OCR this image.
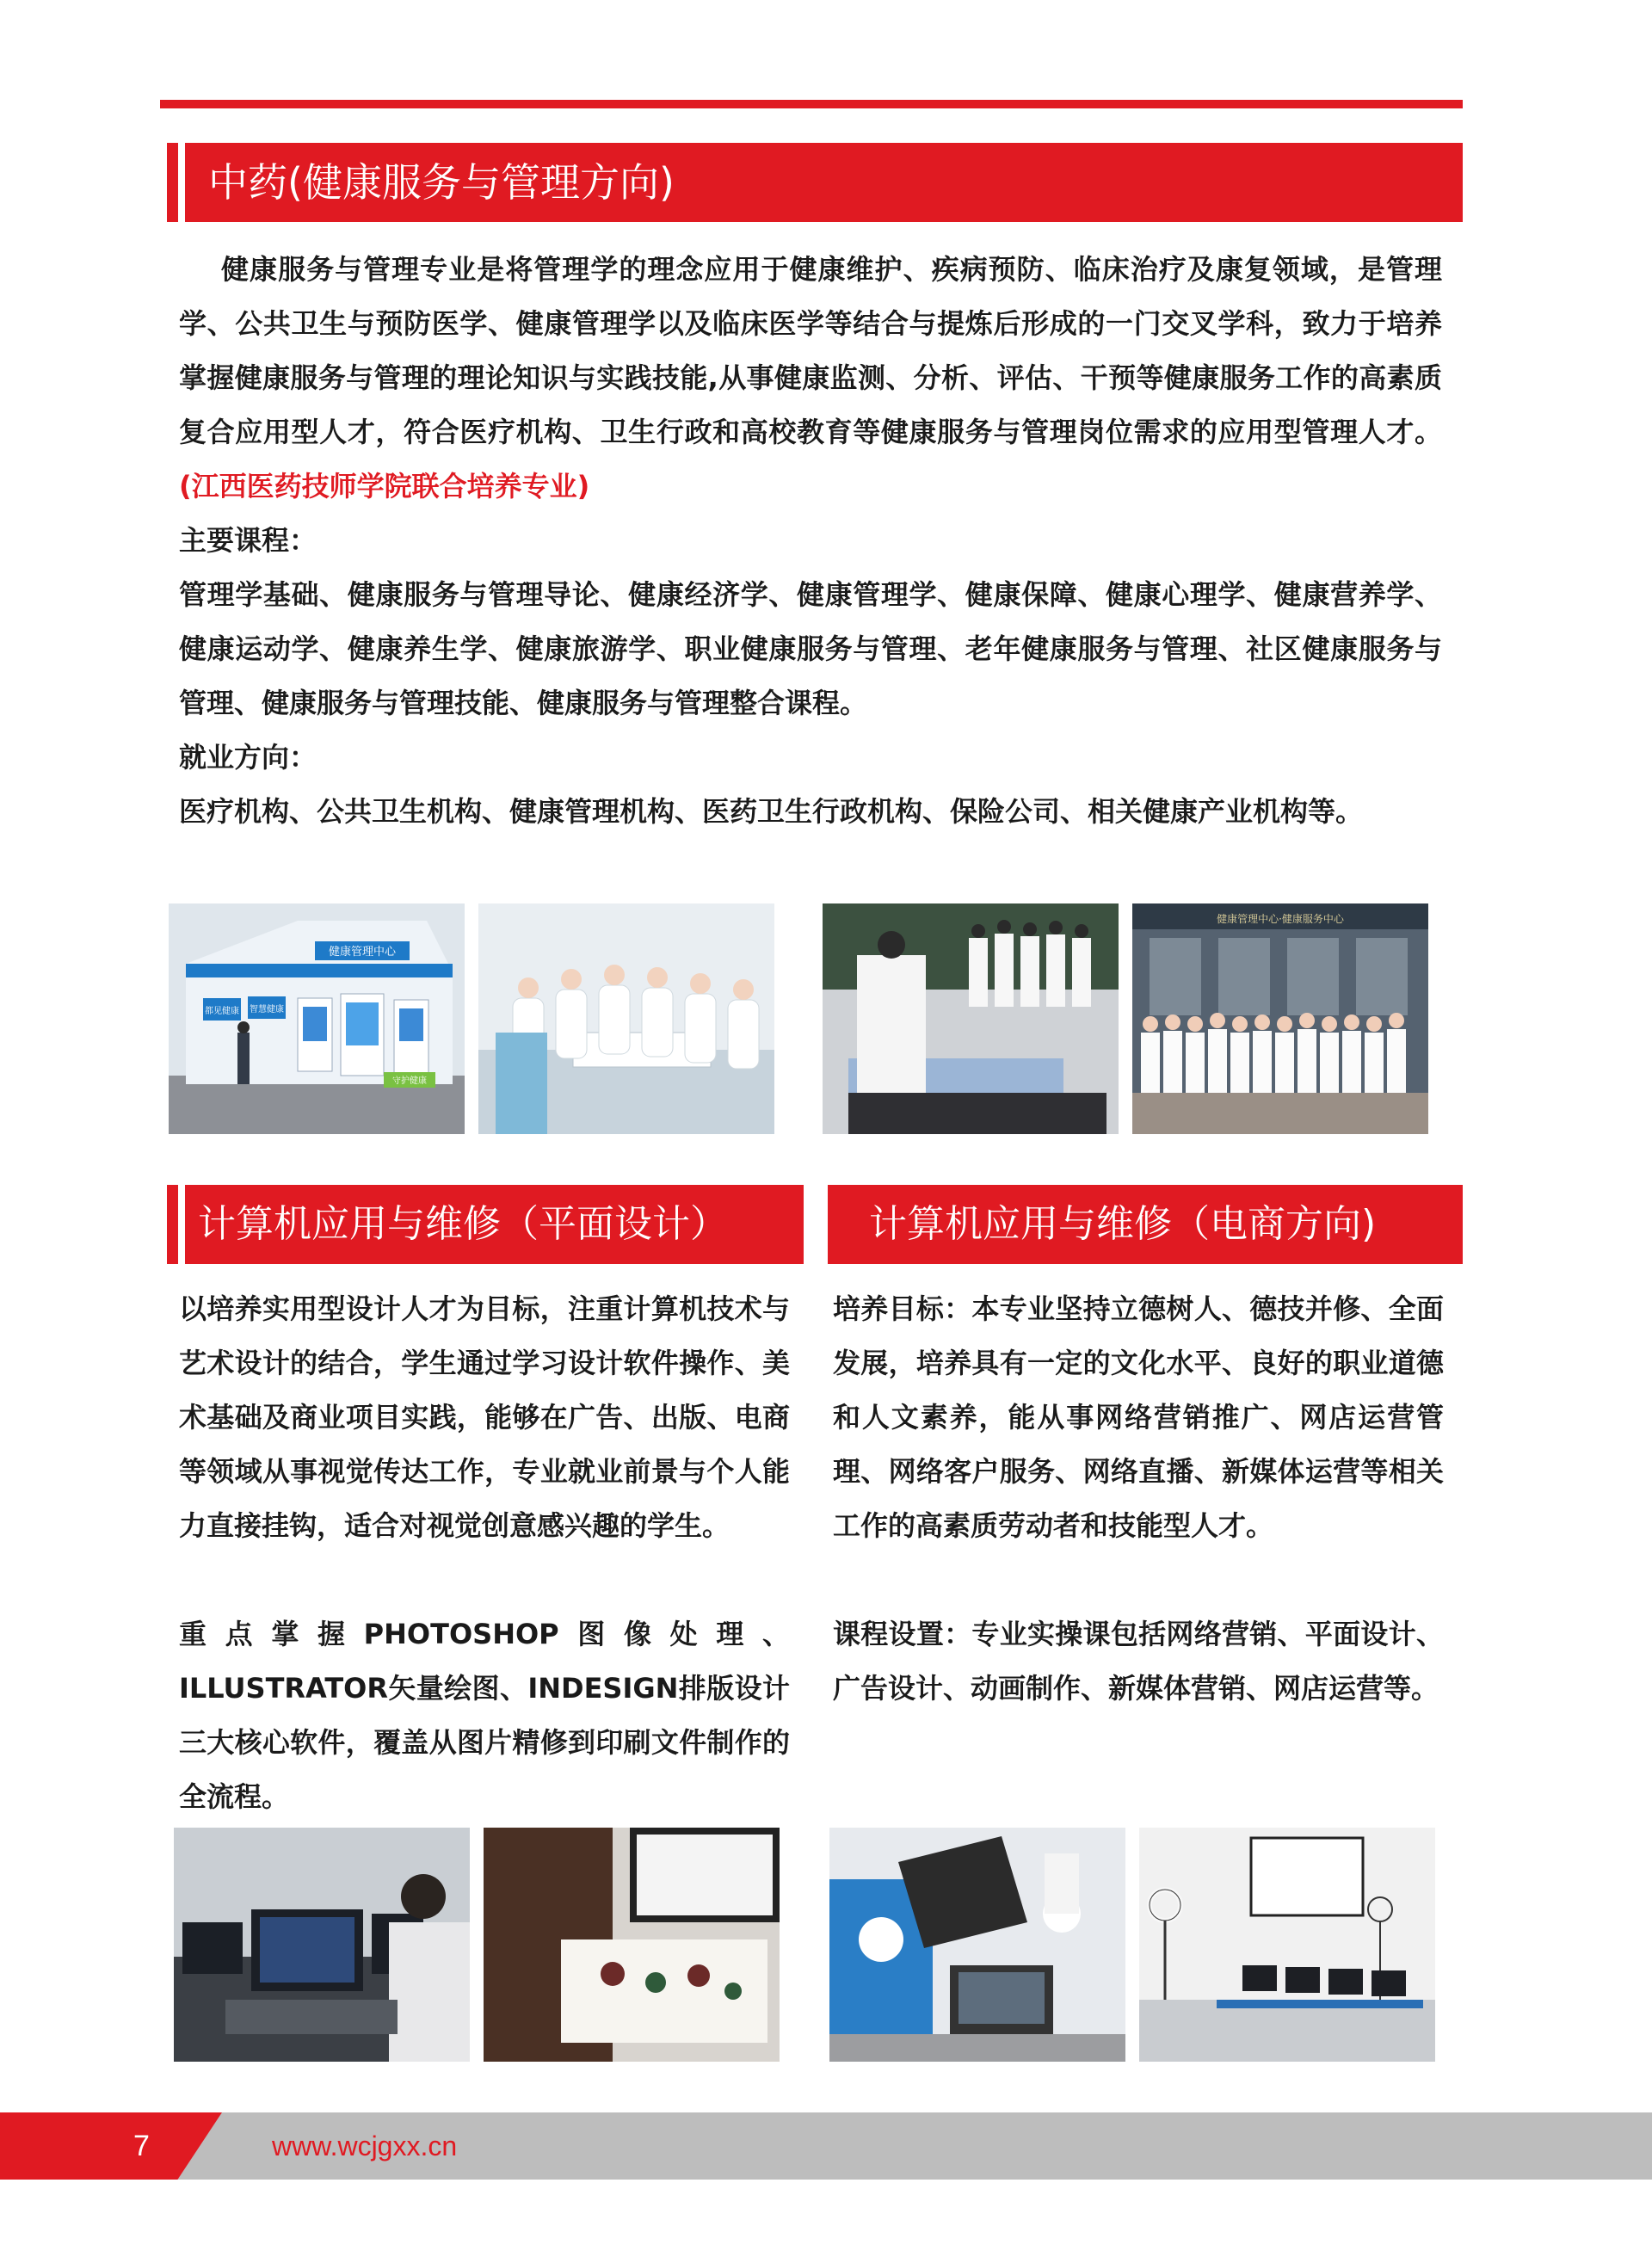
中药(健康服务与管理方向)

健康服务与管理专业是将管理学的理念应用于健康维护、疾病预防、临床治疗及康复领域，是管理学、公共卫生与预防医学、健康管理学以及临床医学等结合与提炼后形成的一门交叉学科，致力于培养掌握健康服务与管理的理论知识与实践技能,从事健康监测、分析、评估、干预等健康服务工作的高素质复合应用型人才，符合医疗机构、卫生行政和高校教育等健康服务与管理岗位需求的应用型管理人才。(江西医药技师学院联合培养专业)

主要课程：

管理学基础、健康服务与管理导论、健康经济学、健康管理学、健康保障、健康心理学、健康营养学、健康运动学、健康养生学、健康旅游学、职业健康服务与管理、老年健康服务与管理、社区健康服务与管理、健康服务与管理技能、健康服务与管理整合课程。

就业方向：

医疗机构、公共卫生机构、健康管理机构、医药卫生行政机构、保险公司、相关健康产业机构等。

健康管理中心
都见健康 智慧健康
守护健康
健康管理中心·健康服务中心
计算机应用与维修（平面设计）	计算机应用与维修（电商方向)

以培养实用型设计人才为目标，注重计算机技术与艺术设计的结合，学生通过学习设计软件操作、美术基础及商业项目实践，能够在广告、出版、电商等领域从事视觉传达工作，专业就业前景与个人能力直接挂钩，适合对视觉创意感兴趣的学生。

重点掌握PHOTOSHOP图像处理、ILLUSTRATOR矢量绘图、INDESIGN排版设计三大核心软件，覆盖从图片精修到印刷文件制作的全流程。

培养目标：本专业坚持立德树人、德技并修、全面发展，培养具有一定的文化水平、良好的职业道德和人文素养，能从事网络营销推广、网店运营管理、网络客户服务、网络直播、新媒体运营等相关工作的高素质劳动者和技能型人才。

课程设置：专业实操课包括网络营销、平面设计、广告设计、动画制作、新媒体营销、网店运营等。

7	www.wcjgxx.cn
